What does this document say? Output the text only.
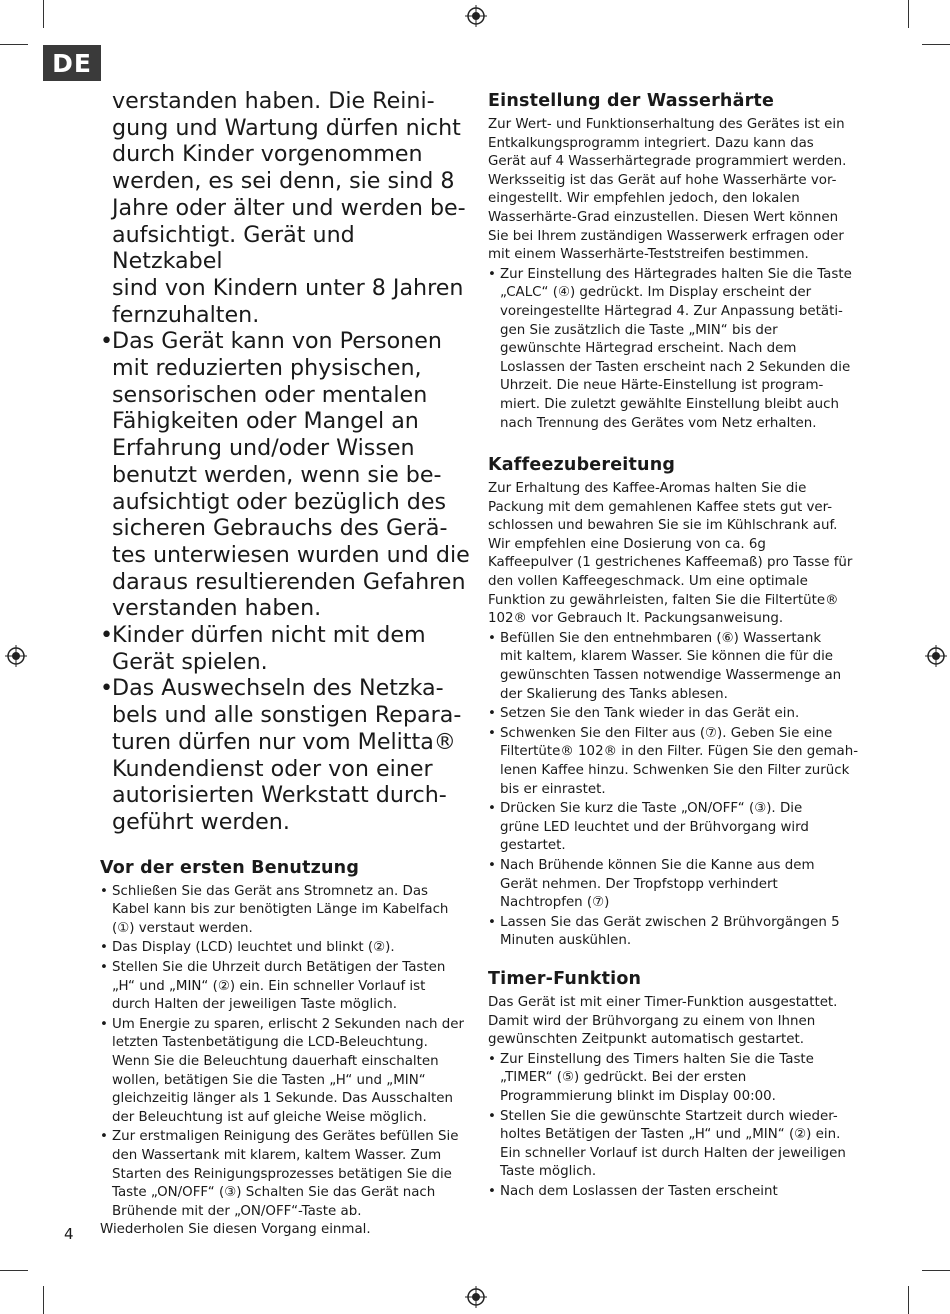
DE
4
verstanden haben. Die Reini-
gung und Wartung dürfen nicht
durch Kinder vorgenommen
werden, es sei denn, sie sind 8
Jahre oder älter und werden be-
aufsichtigt. Gerät und Netzkabel
sind von Kindern unter 8 Jahren
fernzuhalten.
•
Das Gerät kann von Personen
mit reduzierten physischen,
sensorischen oder mentalen
Fähigkeiten oder Mangel an
Erfahrung und/oder Wissen
benutzt werden, wenn sie be-
aufsichtigt oder bezüglich des
sicheren Gebrauchs des Gerä-
tes unterwiesen wurden und die
daraus resultierenden Gefahren
verstanden haben.
•
Kinder dürfen nicht mit dem
Gerät spielen.
•
Das Auswechseln des Netzka-
bels und alle sonstigen Repara-
turen dürfen nur vom Melitta®
Kundendienst oder von einer
autorisierten Werkstatt durch-
geführt werden.
Vor der ersten Benutzung
• Schließen Sie das Gerät ans Stromnetz an. Das
Kabel kann bis zur benötigten Länge im Kabelfach
(①) verstaut werden.
• Das Display (LCD) leuchtet und blinkt (②).
• Stellen Sie die Uhrzeit durch Betätigen der Tasten
„H“ und „MIN“ (②) ein. Ein schneller Vorlauf ist
durch Halten der jeweiligen Taste möglich.
• Um Energie zu sparen, erlischt 2 Sekunden nach der
letzten Tastenbetätigung die LCD-Beleuchtung.
Wenn Sie die Beleuchtung dauerhaft einschalten
wollen, betätigen Sie die Tasten „H“ und „MIN“
gleichzeitig länger als 1 Sekunde. Das Ausschalten
der Beleuchtung ist auf gleiche Weise möglich.
• Zur erstmaligen Reinigung des Gerätes befüllen Sie
den Wassertank mit klarem, kaltem Wasser. Zum
Starten des Reinigungsprozesses betätigen Sie die
Taste „ON/OFF“ (③) Schalten Sie das Gerät nach
Brühende mit der „ON/OFF“-Taste ab.

Wiederholen Sie diesen Vorgang einmal.

Einstellung der Wasserhärte
Zur Wert- und Funktionserhaltung des Gerätes ist ein
Entkalkungsprogramm integriert. Dazu kann das
Gerät auf 4 Wasserhärtegrade programmiert werden.
Werksseitig ist das Gerät auf hohe Wasserhärte vor-
eingestellt. Wir empfehlen jedoch, den lokalen
Wasserhärte-Grad einzustellen. Diesen Wert können
Sie bei Ihrem zuständigen Wasserwerk erfragen oder
mit einem Wasserhärte-Teststreifen bestimmen.
• Zur Einstellung des Härtegrades halten Sie die Taste
„CALC“ (④) gedrückt. Im Display erscheint der
voreingestellte Härtegrad 4. Zur Anpassung betäti-
gen Sie zusätzlich die Taste „MIN“ bis der
gewünschte Härtegrad erscheint. Nach dem
Loslassen der Tasten erscheint nach 2 Sekunden die
Uhrzeit. Die neue Härte-Einstellung ist program-
miert. Die zuletzt gewählte Einstellung bleibt auch
nach Trennung des Gerätes vom Netz erhalten.
Kaffeezubereitung
Zur Erhaltung des Kaffee-Aromas halten Sie die
Packung mit dem gemahlenen Kaffee stets gut ver-
schlossen und bewahren Sie sie im Kühlschrank auf.
Wir empfehlen eine Dosierung von ca. 6g
Kaffeepulver (1 gestrichenes Kaffeemaß) pro Tasse für
den vollen Kaffeegeschmack. Um eine optimale
Funktion zu gewährleisten, falten Sie die Filtertüte®
102® vor Gebrauch lt. Packungsanweisung.
• Befüllen Sie den entnehmbaren (⑥) Wassertank
mit kaltem, klarem Wasser. Sie können die für die
gewünschten Tassen notwendige Wassermenge an
der Skalierung des Tanks ablesen.
• Setzen Sie den Tank wieder in das Gerät ein.
• Schwenken Sie den Filter aus (⑦). Geben Sie eine
Filtertüte® 102® in den Filter. Fügen Sie den gemah-
lenen Kaffee hinzu. Schwenken Sie den Filter zurück
bis er einrastet.
• Drücken Sie kurz die Taste „ON/OFF“ (③). Die
grüne LED leuchtet und der Brühvorgang wird
gestartet.
• Nach Brühende können Sie die Kanne aus dem
Gerät nehmen. Der Tropfstopp verhindert
Nachtropfen (⑦)
• Lassen Sie das Gerät zwischen 2 Brühvorgängen 5
Minuten auskühlen.
Timer-Funktion
Das Gerät ist mit einer Timer-Funktion ausgestattet.
Damit wird der Brühvorgang zu einem von Ihnen
gewünschten Zeitpunkt automatisch gestartet.
• Zur Einstellung des Timers halten Sie die Taste
„TIMER“ (⑤) gedrückt. Bei der ersten
Programmierung blinkt im Display 00:00.
• Stellen Sie die gewünschte Startzeit durch wieder-
holtes Betätigen der Tasten „H“ und „MIN“ (②) ein.
Ein schneller Vorlauf ist durch Halten der jeweiligen
Taste möglich.
• Nach dem Loslassen der Tasten erscheint
